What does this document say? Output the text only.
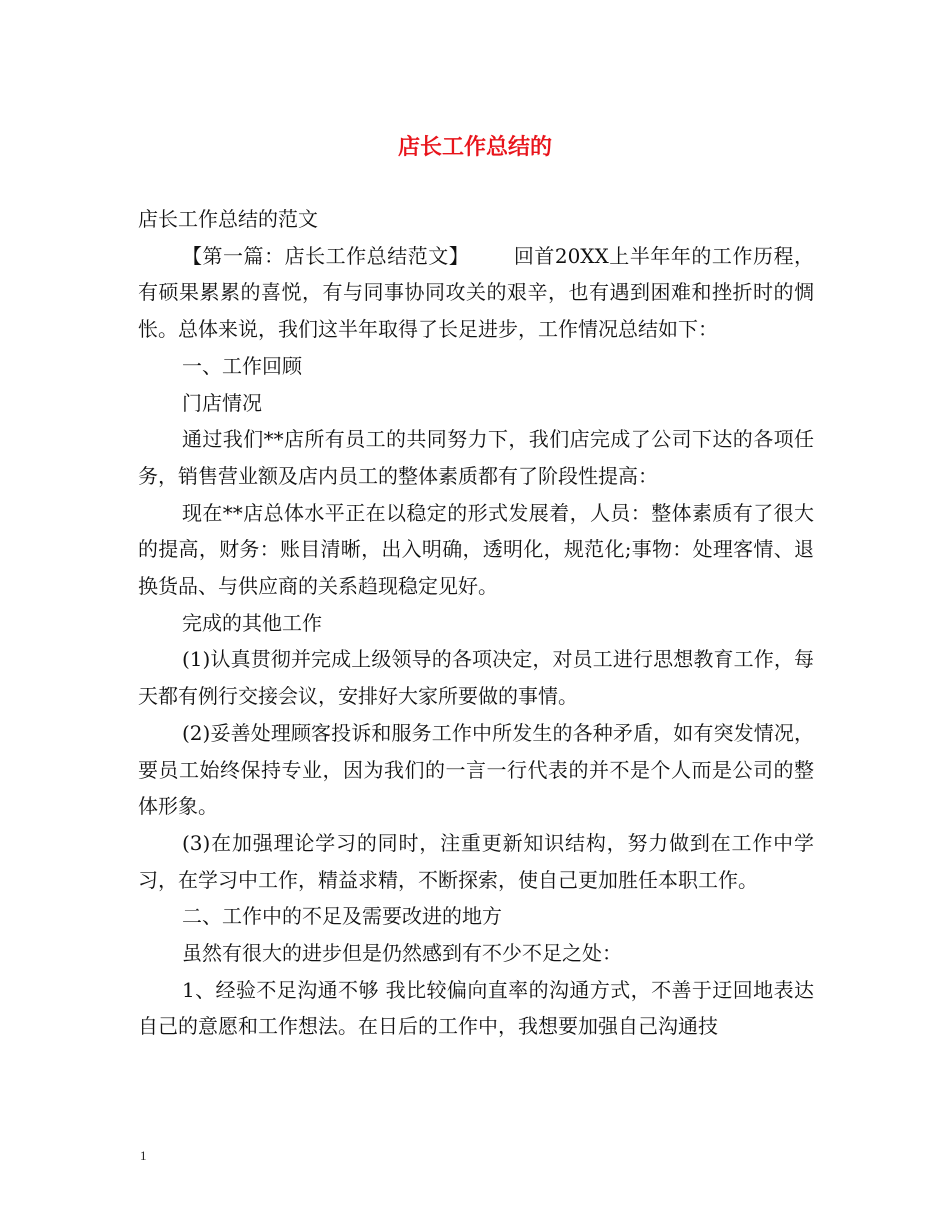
店长工作总结的

店长工作总结的范文

【第一篇：店长工作总结范文】 回首20XX上半年年的工作历程，有硕果累累的喜悦，有与同事协同攻关的艰辛，也有遇到困难和挫折时的惆怅。总体来说，我们这半年取得了长足进步，工作情况总结如下：

一、工作回顾

门店情况

通过我们**店所有员工的共同努力下，我们店完成了公司下达的各项任务，销售营业额及店内员工的整体素质都有了阶段性提高：

现在**店总体水平正在以稳定的形式发展着，人员：整体素质有了很大的提高，财务：账目清晰，出入明确，透明化，规范化;事物：处理客情、退换货品、与供应商的关系趋现稳定见好。

完成的其他工作

(1)认真贯彻并完成上级领导的各项决定，对员工进行思想教育工作，每天都有例行交接会议，安排好大家所要做的事情。

(2)妥善处理顾客投诉和服务工作中所发生的各种矛盾，如有突发情况，要员工始终保持专业，因为我们的一言一行代表的并不是个人而是公司的整体形象。

(3)在加强理论学习的同时，注重更新知识结构，努力做到在工作中学习，在学习中工作，精益求精，不断探索，使自己更加胜任本职工作。

二、工作中的不足及需要改进的地方

虽然有很大的进步但是仍然感到有不少不足之处：

1、经验不足沟通不够 我比较偏向直率的沟通方式，不善于迂回地表达自己的意愿和工作想法。在日后的工作中，我想要加强自己沟通技

1
